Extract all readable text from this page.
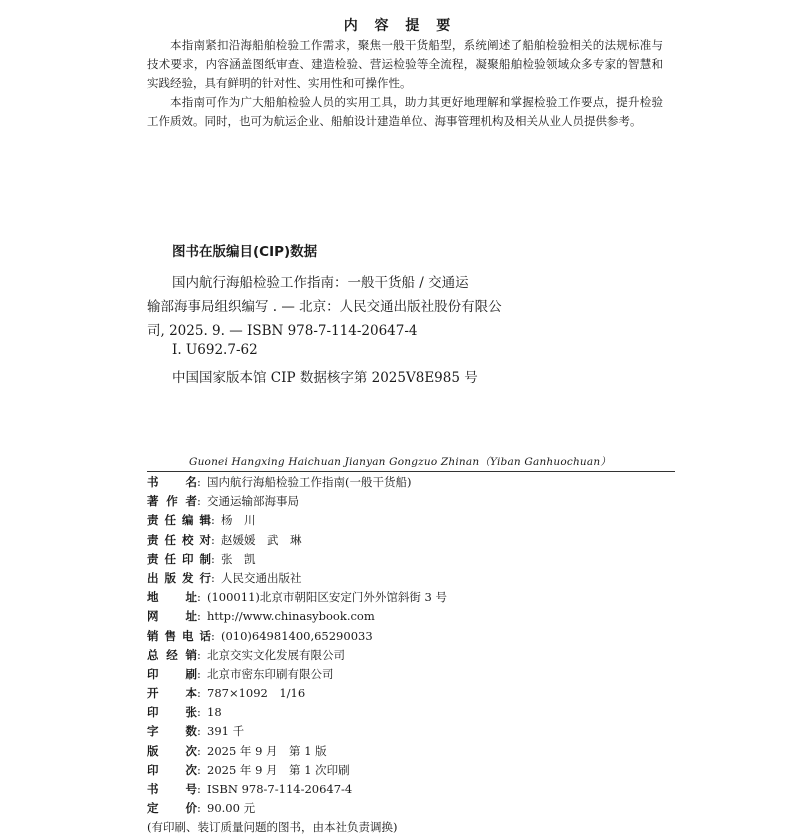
内 容 提 要

本指南紧扣沿海船舶检验工作需求，聚焦一般干货船型，系统阐述了船舶检验相关的法规标准与技术要求，内容涵盖图纸审查、建造检验、营运检验等全流程，凝聚船舶检验领域众多专家的智慧和实践经验，具有鲜明的针对性、实用性和可操作性。

本指南可作为广大船舶检验人员的实用工具，助力其更好地理解和掌握检验工作要点，提升检验工作质效。同时，也可为航运企业、船舶设计建造单位、海事管理机构及相关从业人员提供参考。

图书在版编目(CIP)数据
国内航行海船检验工作指南：一般干货船 / 交通运
输部海事局组织编写 . — 北京：人民交通出版社股份有限公
司, 2025. 9. — ISBN 978-7-114-20647-4
Ⅰ. U692.7-62
中国国家版本馆 CIP 数据核字第 2025V8E985 号
Guonei Hangxing Haichuan Jianyan Gongzuo Zhinan（Yiban Ganhuochuan）
书名 : 国内航行海船检验工作指南(一般干货船)
著作者 : 交通运输部海事局
责任编辑 : 杨　川
责任校对 : 赵媛媛　武　琳
责任印制 : 张　凯
出版发行 : 人民交通出版社
地址 : (100011)北京市朝阳区安定门外外馆斜街 3 号
网址 : http://www.chinasybook.com
销售电话 : (010)64981400,65290033
总经销 : 北京交实文化发展有限公司
印刷 : 北京市密东印刷有限公司
开本 : 787×1092　1/16
印张 : 18
字数 : 391 千
版次 : 2025 年 9 月　第 1 版
印次 : 2025 年 9 月　第 1 次印刷
书号 : ISBN 978-7-114-20647-4
定价 : 90.00 元
(有印刷、装订质量问题的图书，由本社负责调换)
